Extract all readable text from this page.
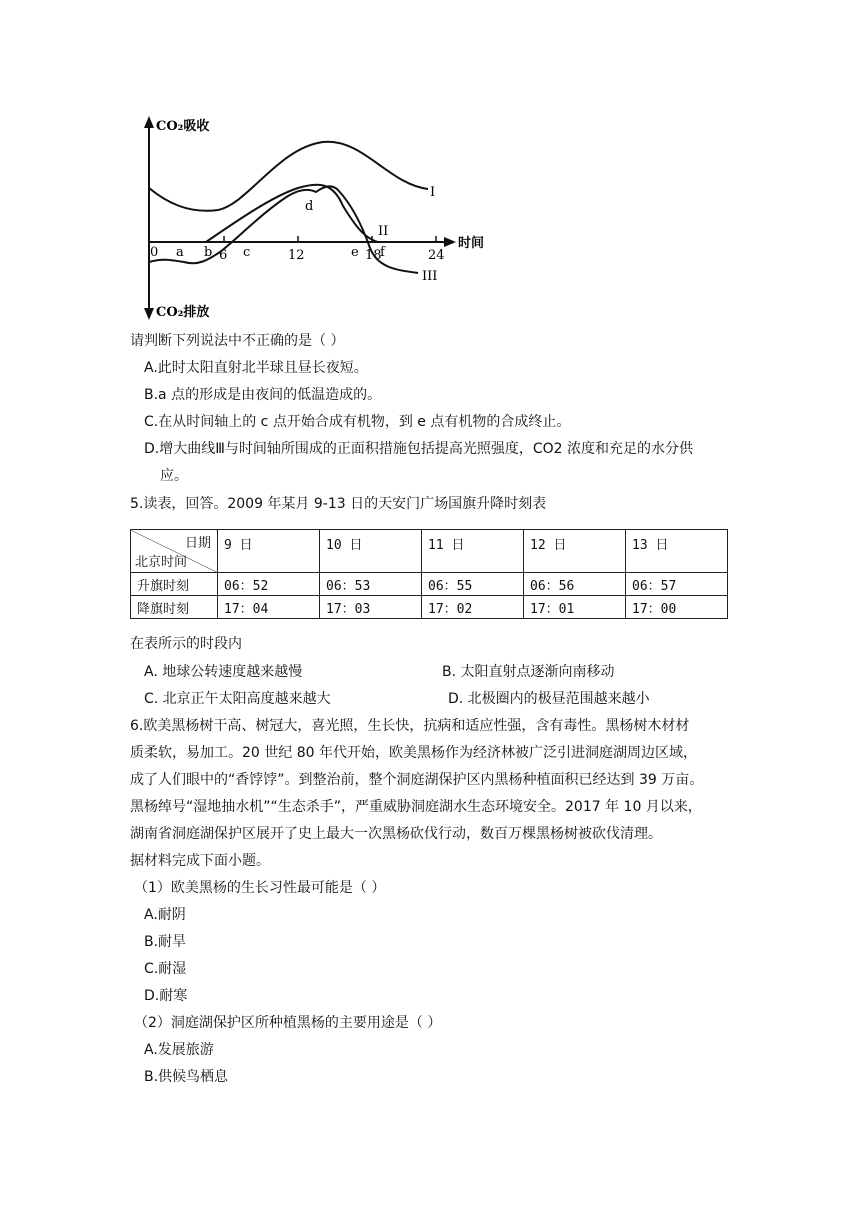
CO₂吸收
CO₂排放
时间
0	6	12	18	24
a b c
d
e f
I
II
III
请判断下列说法中不正确的是（ ）
A.此时太阳直射北半球且昼长夜短。
B.a 点的形成是由夜间的低温造成的。
C.在从时间轴上的 c 点开始合成有机物，到 e 点有机物的合成终止。
D.增大曲线Ⅲ与时间轴所围成的正面积措施包括提高光照强度，CO2 浓度和充足的水分供
应。
5.读表，回答。2009 年某月 9-13 日的天安门广场国旗升降时刻表
日期
北京时间	9 日	10 日	11 日	12 日	13 日
升旗时刻	06：52	06：53	06：55	06：56	06：57
降旗时刻	17：04	17：03	17：02	17：01	17：00
在表所示的时段内
A. 地球公转速度越来越慢	B. 太阳直射点逐渐向南移动
C. 北京正午太阳高度越来越大	D. 北极圈内的极昼范围越来越小
6.欧美黑杨树干高、树冠大，喜光照，生长快，抗病和适应性强，含有毒性。黑杨树木材材
质柔软，易加工。20 世纪 80 年代开始，欧美黑杨作为经济林被广泛引进洞庭湖周边区域，
成了人们眼中的“香饽饽”。到整治前，整个洞庭湖保护区内黑杨种植面积已经达到 39 万亩。
黑杨绰号“湿地抽水机”“生态杀手”，严重威胁洞庭湖水生态环境安全。2017 年 10 月以来，
湖南省洞庭湖保护区展开了史上最大一次黑杨砍伐行动，数百万棵黑杨树被砍伐清理。
据材料完成下面小题。
（1）欧美黑杨的生长习性最可能是（ ）
A.耐阴
B.耐旱
C.耐湿
D.耐寒
（2）洞庭湖保护区所种植黑杨的主要用途是（ ）
A.发展旅游
B.供候鸟栖息
